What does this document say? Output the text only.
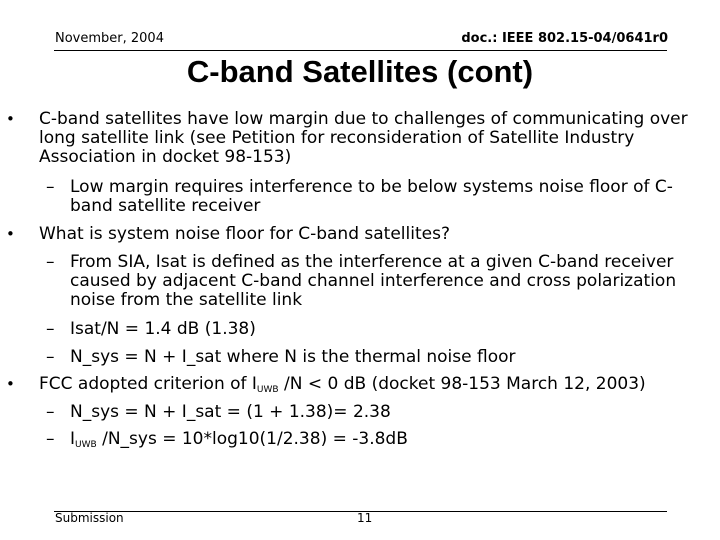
November, 2004	doc.: IEEE 802.15-04/0641r0
C-band Satellites (cont)
• C-band satellites have low margin due to challenges of communicating over long satellite link (see Petition for reconsideration of Satellite Industry Association in docket 98-153)
– Low margin requires interference to be below systems noise floor of C-band satellite receiver
• What is system noise floor for C-band satellites?
– From SIA, Isat is defined as the interference at a given C-band receiver caused by adjacent C-band channel interference and cross polarization noise from the satellite link
– Isat/N = 1.4 dB (1.38)
– N_sys = N + I_sat where N is the thermal noise floor
• FCC adopted criterion of $I_{UWB}$ /N < 0 dB (docket 98-153 March 12, 2003)
– N_sys = N + I_sat = (1 + 1.38)= 2.38
– $I_{UWB}$ /N_sys = 10*log10(1/2.38) = -3.8dB
Submission	11
